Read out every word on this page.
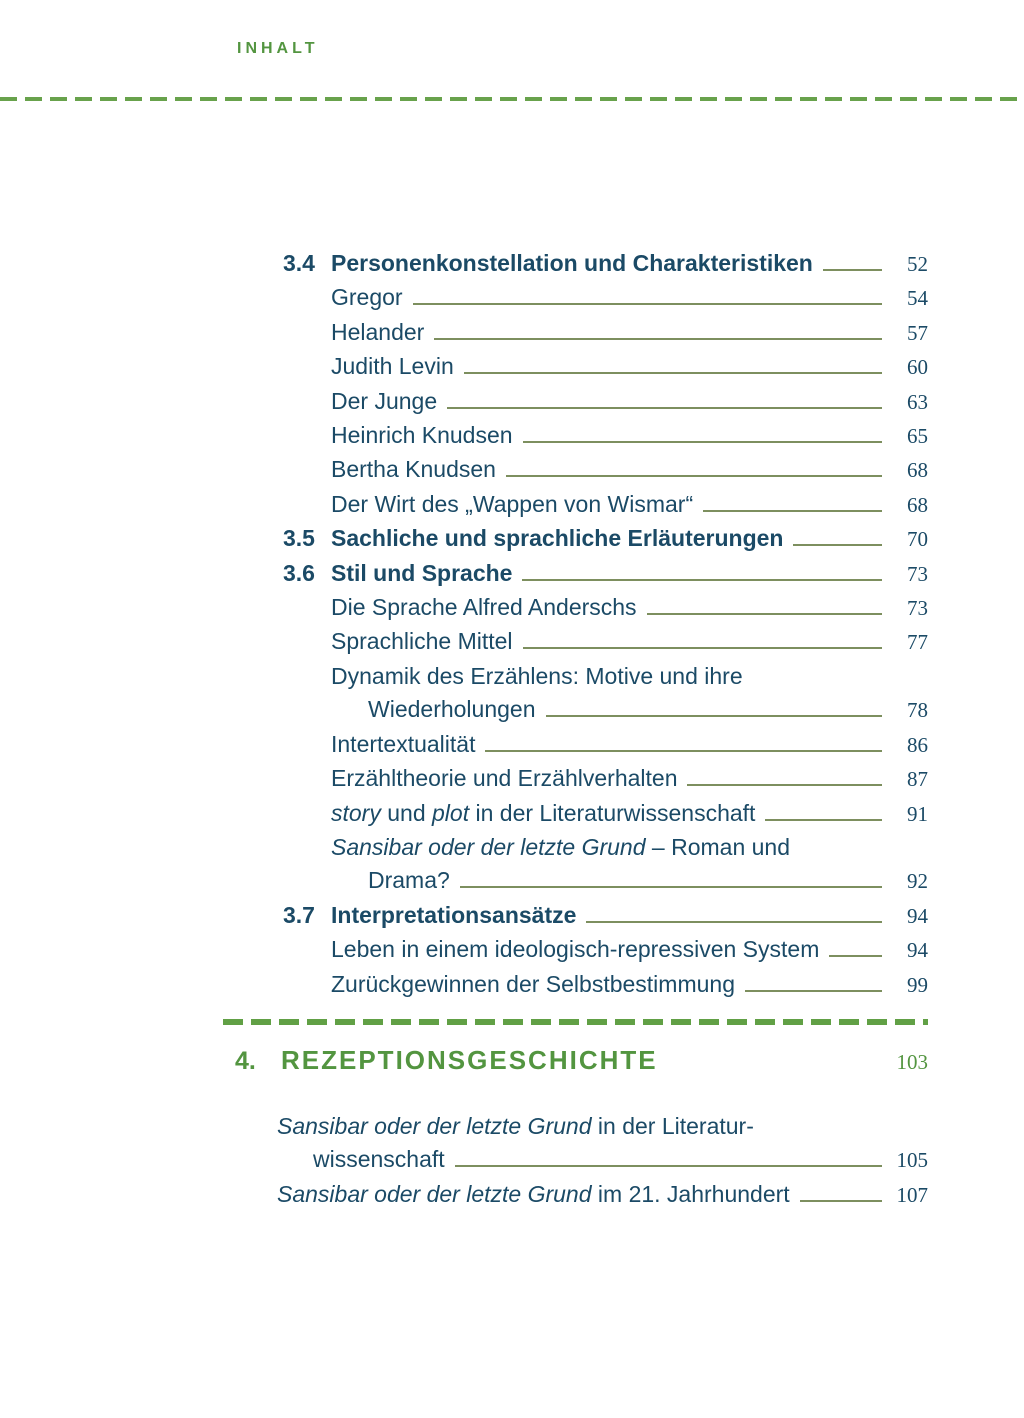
INHALT
3.4 Personenkonstellation und Charakteristiken	52
Gregor	54
Helander	57
Judith Levin	60
Der Junge	63
Heinrich Knudsen	65
Bertha Knudsen	68
Der Wirt des „Wappen von Wismar“	68
3.5 Sachliche und sprachliche Erläuterungen	70
3.6 Stil und Sprache	73
Die Sprache Alfred Anderschs	73
Sprachliche Mittel	77
Dynamik des Erzählens: Motive und ihre
Wiederholungen	78
Intertextualität	86
Erzähltheorie und Erzählverhalten	87
story und plot in der Literaturwissenschaft	91
Sansibar oder der letzte Grund – Roman und
Drama?	92
3.7 Interpretationsansätze	94
Leben in einem ideologisch-repressiven System	94
Zurückgewinnen der Selbstbestimmung	99
4. REZEPTIONSGESCHICHTE	103
Sansibar oder der letzte Grund in der Literatur-
wissenschaft	105
Sansibar oder der letzte Grund im 21. Jahrhundert	107
